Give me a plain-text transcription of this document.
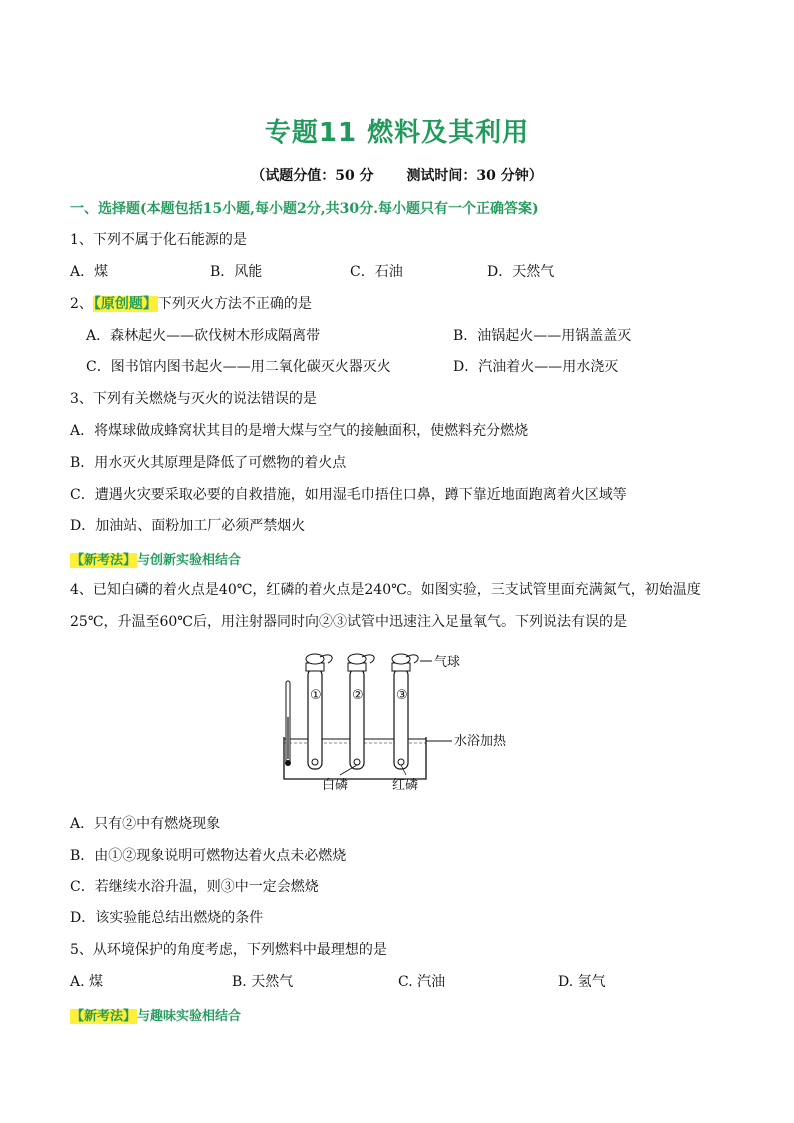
专题11 燃料及其利用
（试题分值：50 分 测试时间：30 分钟）
一、选择题(本题包括15小题,每小题2分,共30分.每小题只有一个正确答案)
1、下列不属于化石能源的是
A．煤	B．风能	C．石油	D．天然气
2、【原创题】下列灭火方法不正确的是
A．森林起火——砍伐树木形成隔离带	B．油锅起火——用锅盖盖灭
C．图书馆内图书起火——用二氧化碳灭火器灭火	D．汽油着火——用水浇灭
3、下列有关燃烧与灭火的说法错误的是
A．将煤球做成蜂窝状其目的是增大煤与空气的接触面积，使燃料充分燃烧
B．用水灭火其原理是降低了可燃物的着火点
C．遭遇火灾要采取必要的自救措施，如用湿毛巾捂住口鼻，蹲下靠近地面跑离着火区域等
D．加油站、面粉加工厂必须严禁烟火
【新考法】与创新实验相结合
4、已知白磷的着火点是40℃，红磷的着火点是240℃。如图实验，三支试管里面充满氮气，初始温度
25℃，升温至60℃后，用注射器同时向②③试管中迅速注入足量氧气。下列说法有误的是
① ② ③
气球
水浴加热
白磷	红磷
A．只有②中有燃烧现象
B．由①②现象说明可燃物达着火点未必燃烧
C．若继续水浴升温，则③中一定会燃烧
D．该实验能总结出燃烧的条件
5、从环境保护的角度考虑，下列燃料中最理想的是
A. 煤	B. 天然气	C. 汽油	D. 氢气
【新考法】与趣味实验相结合
